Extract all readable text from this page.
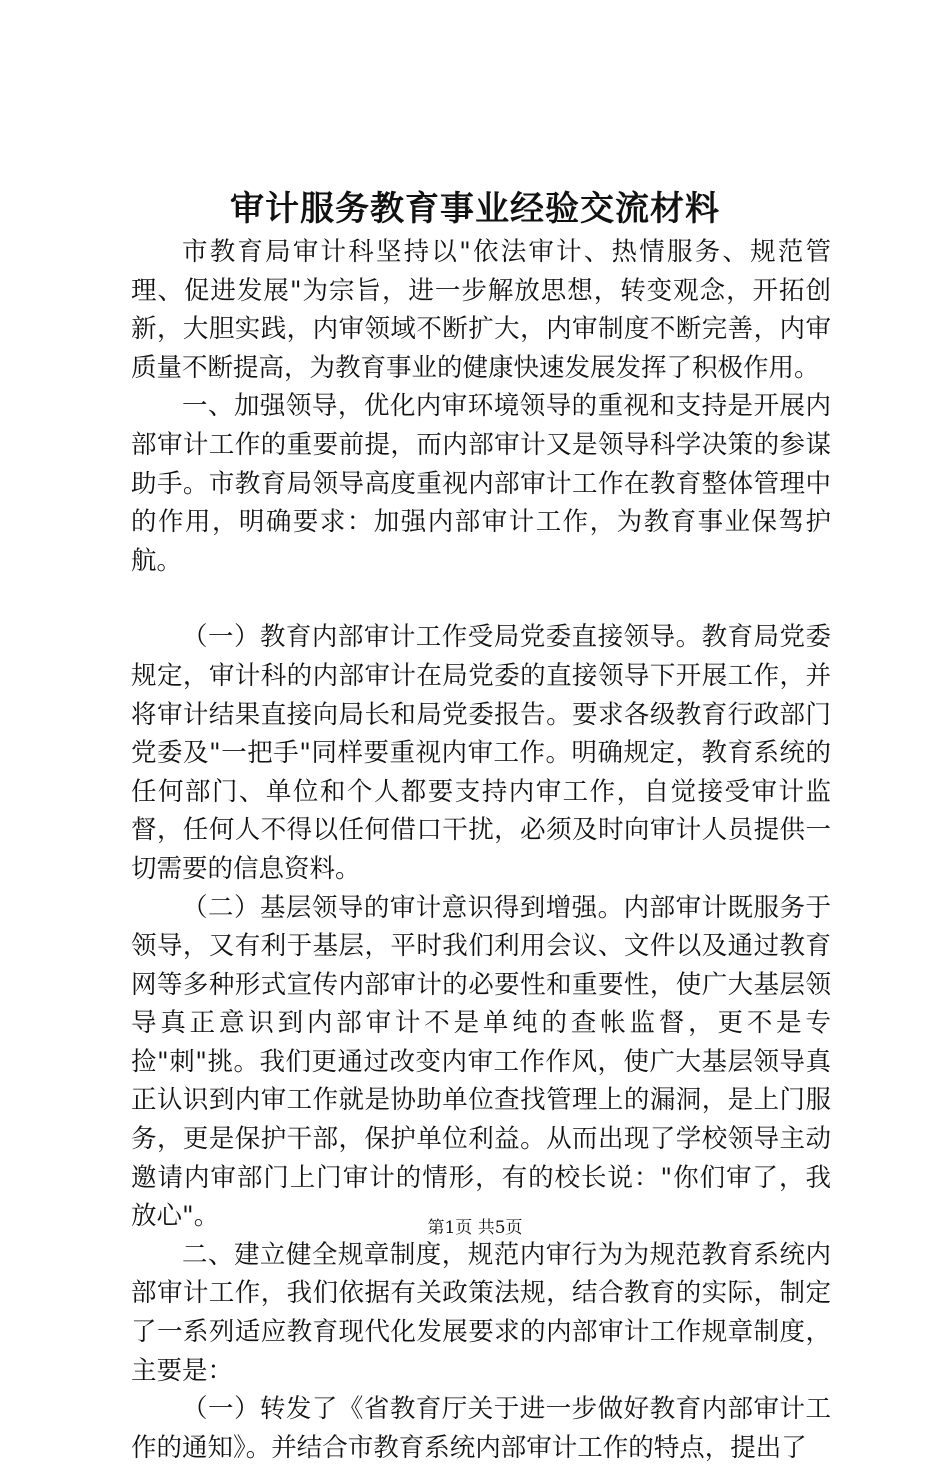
审计服务教育事业经验交流材料

市教育局审计科坚持以"依法审计、热情服务、规范管理、促进发展"为宗旨，进一步解放思想，转变观念，开拓创新，大胆实践，内审领域不断扩大，内审制度不断完善，内审质量不断提高，为教育事业的健康快速发展发挥了积极作用。

一、加强领导，优化内审环境领导的重视和支持是开展内部审计工作的重要前提，而内部审计又是领导科学决策的参谋助手。市教育局领导高度重视内部审计工作在教育整体管理中的作用，明确要求：加强内部审计工作，为教育事业保驾护航。

（一）教育内部审计工作受局党委直接领导。教育局党委规定，审计科的内部审计在局党委的直接领导下开展工作，并将审计结果直接向局长和局党委报告。要求各级教育行政部门党委及"一把手"同样要重视内审工作。明确规定，教育系统的任何部门、单位和个人都要支持内审工作，自觉接受审计监督，任何人不得以任何借口干扰，必须及时向审计人员提供一切需要的信息资料。

（二）基层领导的审计意识得到增强。内部审计既服务于领导，又有利于基层，平时我们利用会议、文件以及通过教育网等多种形式宣传内部审计的必要性和重要性，使广大基层领导真正意识到内部审计不是单纯的查帐监督，更不是专捡"刺"挑。我们更通过改变内审工作作风，使广大基层领导真正认识到内审工作就是协助单位查找管理上的漏洞，是上门服务，更是保护干部，保护单位利益。从而出现了学校领导主动邀请内审部门上门审计的情形，有的校长说："你们审了，我放心"。

二、建立健全规章制度，规范内审行为为规范教育系统内部审计工作，我们依据有关政策法规，结合教育的实际，制定了一系列适应教育现代化发展要求的内部审计工作规章制度，主要是：

（一）转发了《省教育厅关于进一步做好教育内部审计工作的通知》。并结合市教育系统内部审计工作的特点，提出了

第1页 共5页
